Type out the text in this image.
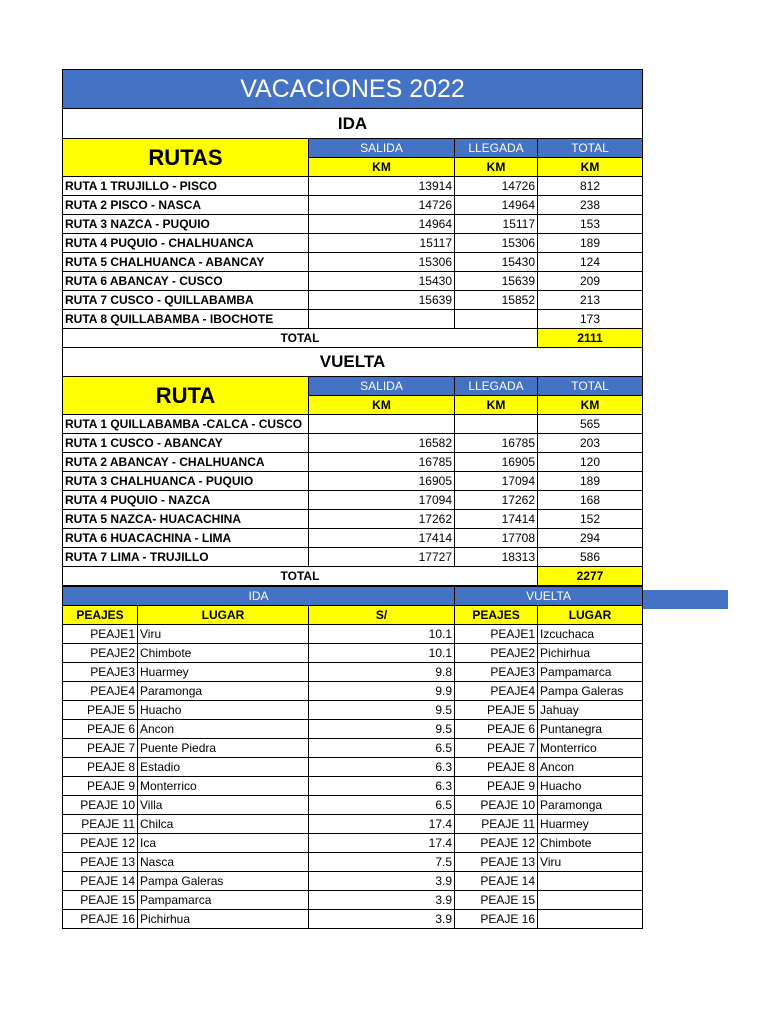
VACACIONES 2022			
IDA			
RUTAS	SALIDA	LLEGADA	TOTAL
	KM	KM	KM
RUTA 1 TRUJILLO - PISCO	13914	14726	812
RUTA 2 PISCO - NASCA	14726	14964	238
RUTA 3 NAZCA - PUQUIO	14964	15117	153
RUTA 4 PUQUIO - CHALHUANCA	15117	15306	189
RUTA 5 CHALHUANCA - ABANCAY	15306	15430	124
RUTA 6 ABANCAY - CUSCO	15430	15639	209
RUTA 7 CUSCO - QUILLABAMBA	15639	15852	213
RUTA 8 QUILLABAMBA - IBOCHOTE			173
TOTAL			2111
VUELTA			
RUTA	SALIDA	LLEGADA	TOTAL
	KM	KM	KM
RUTA 1 QUILLABAMBA -CALCA - CUSCO			565
RUTA 1 CUSCO - ABANCAY	16582	16785	203
RUTA 2 ABANCAY - CHALHUANCA	16785	16905	120
RUTA 3 CHALHUANCA - PUQUIO	16905	17094	189
RUTA 4 PUQUIO - NAZCA	17094	17262	168
RUTA 5 NAZCA- HUACACHINA	17262	17414	152
RUTA 6 HUACACHINA - LIMA	17414	17708	294
RUTA 7 LIMA - TRUJILLO	17727	18313	586
TOTAL			2277
IDA			VUELTA	
PEAJES	LUGAR	S/	PEAJES	LUGAR
PEAJE1	Viru	10.1	PEAJE1	Izcuchaca
PEAJE2	Chimbote	10.1	PEAJE2	Pichirhua
PEAJE3	Huarmey	9.8	PEAJE3	Pampamarca
PEAJE4	Paramonga	9.9	PEAJE4	Pampa Galeras
PEAJE 5	Huacho	9.5	PEAJE 5	Jahuay
PEAJE 6	Ancon	9.5	PEAJE 6	Puntanegra
PEAJE 7	Puente Piedra	6.5	PEAJE 7	Monterrico
PEAJE 8	Estadio	6.3	PEAJE 8	Ancon
PEAJE 9	Monterrico	6.3	PEAJE 9	Huacho
PEAJE 10	Villa	6.5	PEAJE 10	Paramonga
PEAJE 11	Chilca	17.4	PEAJE 11	Huarmey
PEAJE 12	Ica	17.4	PEAJE 12	Chimbote
PEAJE 13	Nasca	7.5	PEAJE 13	Viru
PEAJE 14	Pampa Galeras	3.9	PEAJE 14	
PEAJE 15	Pampamarca	3.9	PEAJE 15	
PEAJE 16	Pichirhua	3.9	PEAJE 16	
